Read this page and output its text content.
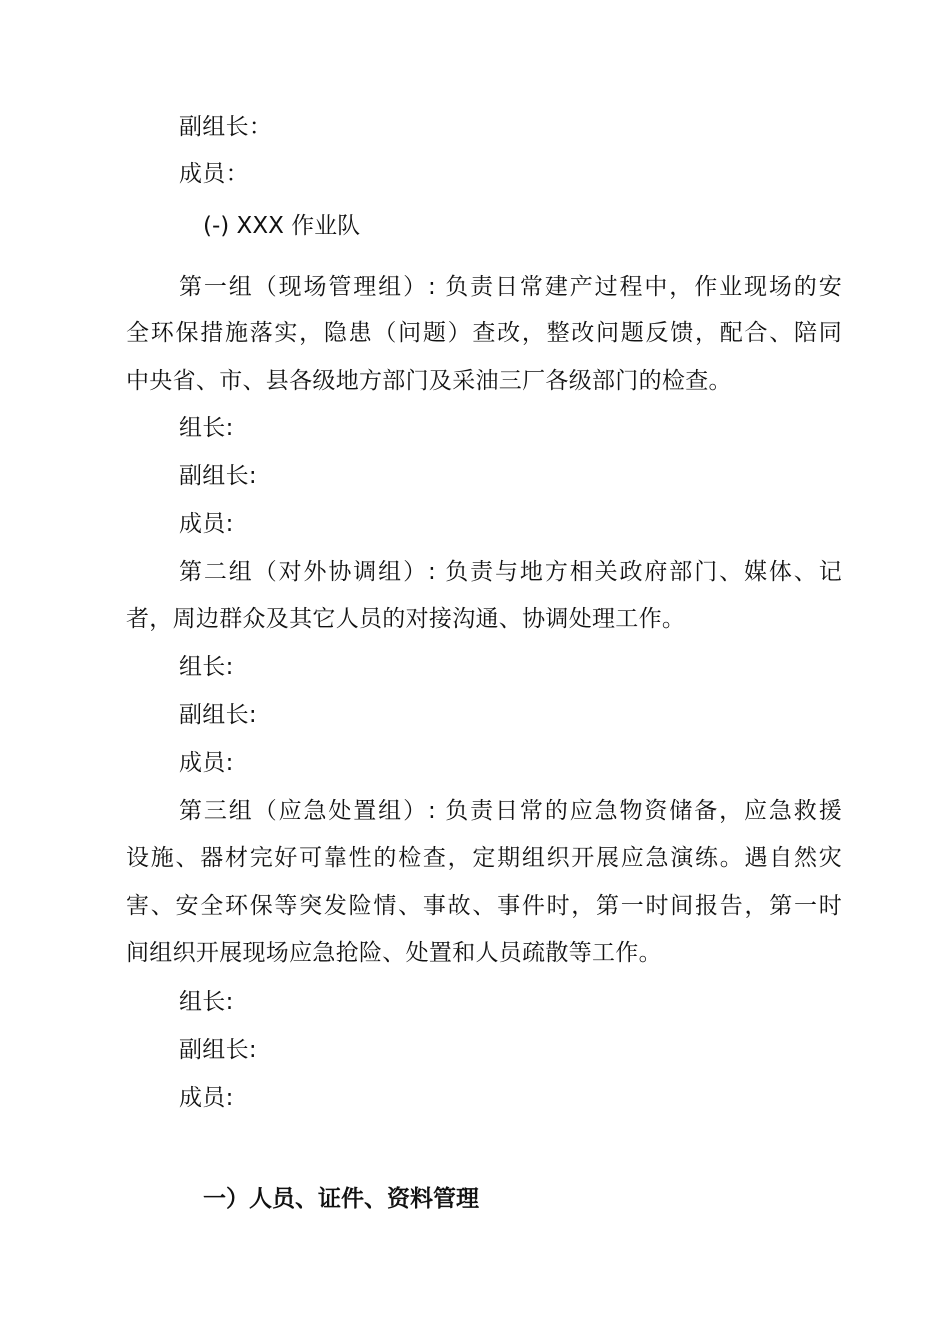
副组长：
成员：
(-) XXX 作业队
第一组（现场管理组）: 负责日常建产过程中，作业现场的安
全环保措施落实，隐患（问题）查改，整改问题反馈，配合、陪同
中央省、市、县各级地方部门及采油三厂各级部门的检查。
组长:
副组长:
成员:
第二组（对外协调组）: 负责与地方相关政府部门、媒体、记
者，周边群众及其它人员的对接沟通、协调处理工作。
组长:
副组长:
成员:
第三组（应急处置组）: 负责日常的应急物资储备，应急救援
设施、器材完好可靠性的检查，定期组织开展应急演练。遇自然灾
害、安全环保等突发险情、事故、事件时，第一时间报告，第一时
间组织开展现场应急抢险、处置和人员疏散等工作。
组长:
副组长:
成员:
一）人员、证件、资料管理
